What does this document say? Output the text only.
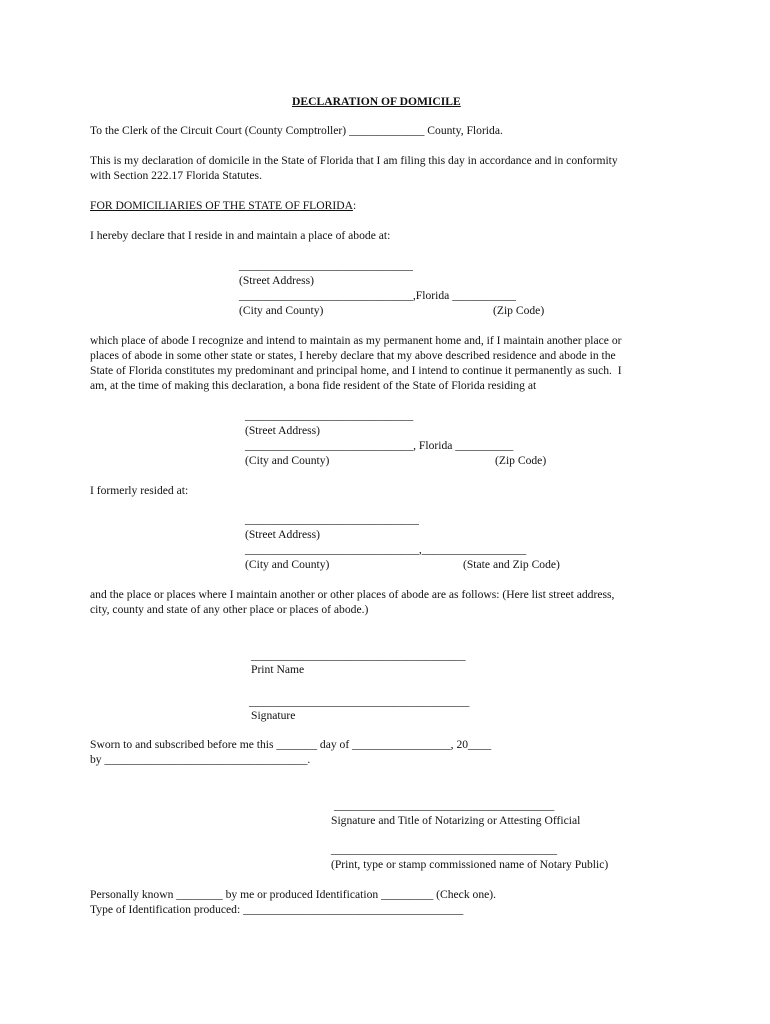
DECLARATION OF DOMICILE

To the Clerk of the Circuit Court (County Comptroller) _____________ County, Florida.

This is my declaration of domicile in the State of Florida that I am filing this day in accordance and in conformity

with Section 222.17 Florida Statutes.

FOR DOMICILIARIES OF THE STATE OF FLORIDA:

I hereby declare that I reside in and maintain a place of abode at:

______________________________

(Street Address)

______________________________,Florida ___________

(City and County)	(Zip Code)

which place of abode I recognize and intend to maintain as my permanent home and, if I maintain another place or

places of abode in some other state or states, I hereby declare that my above described residence and abode in the

State of Florida constitutes my predominant and principal home, and I intend to continue it permanently as such.  I

am, at the time of making this declaration, a bona fide resident of the State of Florida residing at

_____________________________

(Street Address)

_____________________________, Florida __________

(City and County)	(Zip Code)

I formerly resided at:

______________________________

(Street Address)

______________________________,__________________

(City and County)	(State and Zip Code)

and the place or places where I maintain another or other places of abode are as follows: (Here list street address,

city, county and state of any other place or places of abode.)

_____________________________________

Print Name

______________________________________

Signature

Sworn to and subscribed before me this _______ day of _________________, 20____

by ___________________________________.

______________________________________

Signature and Title of Notarizing or Attesting Official

_______________________________________

(Print, type or stamp commissioned name of Notary Public)

Personally known ________ by me or produced Identification _________ (Check one).

Type of Identification produced: ______________________________________
